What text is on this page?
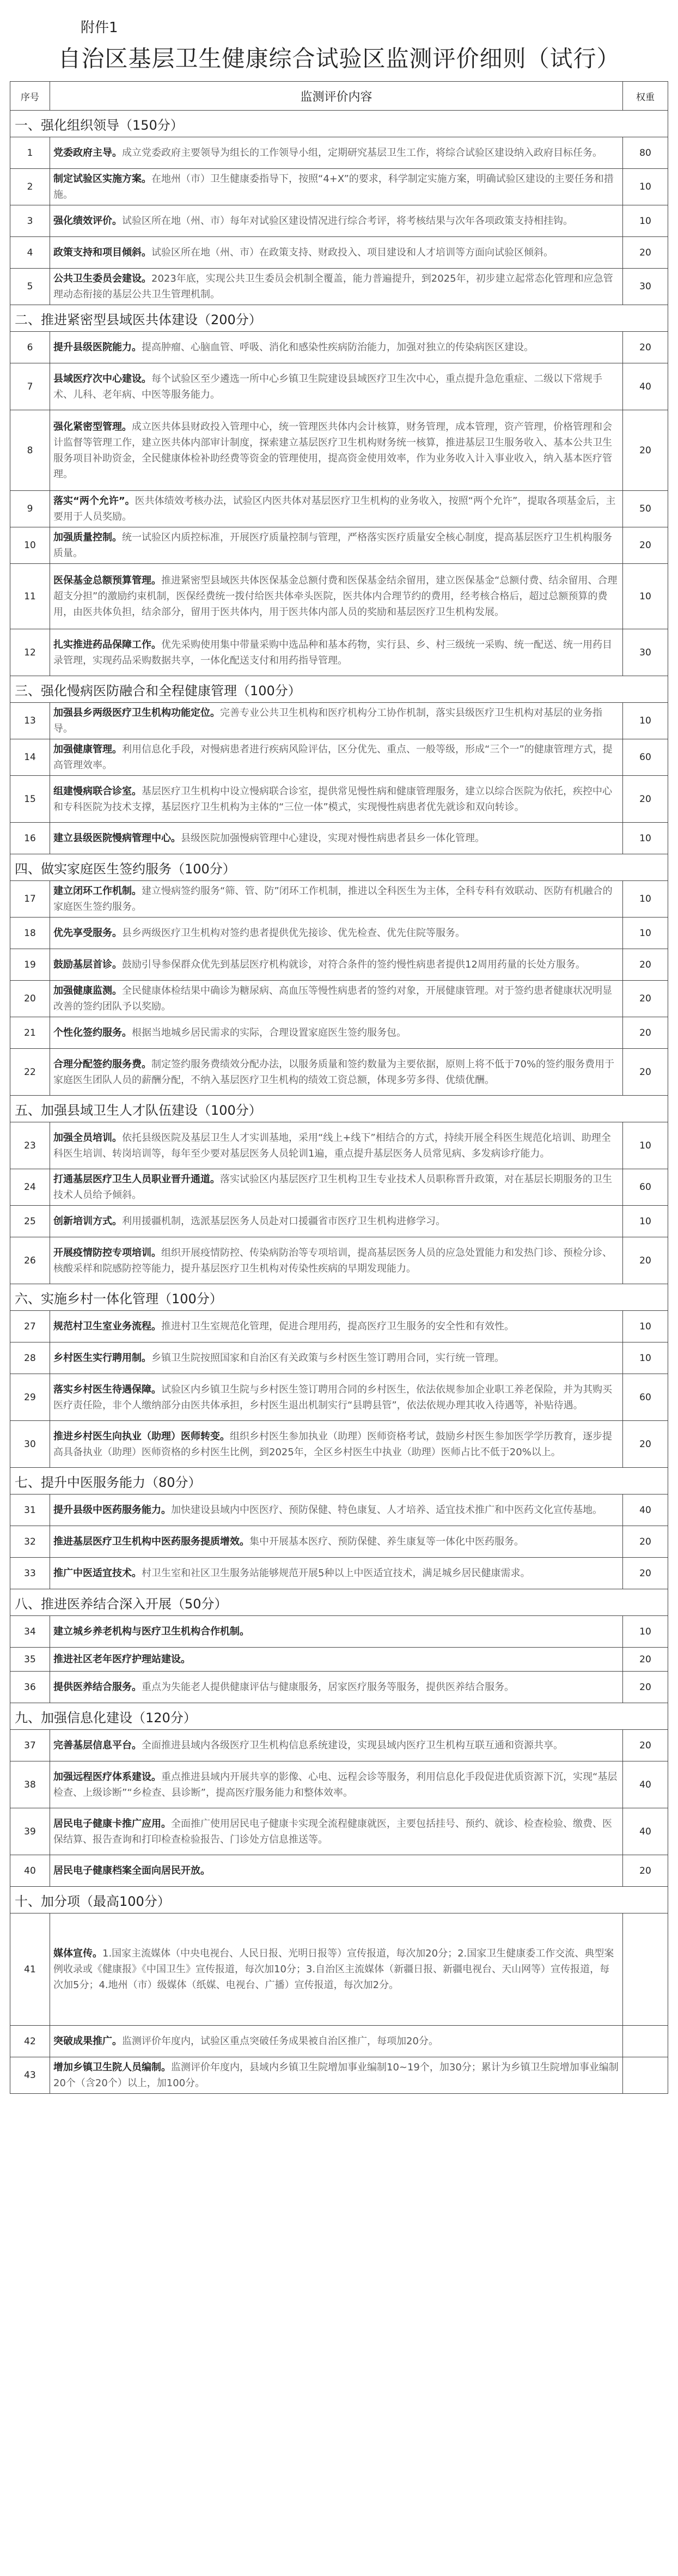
附件1
自治区基层卫生健康综合试验区监测评价细则（试行）
序号	监测评价内容	权重
一、强化组织领导（150分）		
1	党委政府主导。成立党委政府主要领导为组长的工作领导小组，定期研究基层卫生工作，将综合试验区建设纳入政府目标任务。	80
2	制定试验区实施方案。在地州（市）卫生健康委指导下，按照“4+X”的要求，科学制定实施方案，明确试验区建设的主要任务和措施。	10
3	强化绩效评价。试验区所在地（州、市）每年对试验区建设情况进行综合考评，将考核结果与次年各项政策支持相挂钩。	10
4	政策支持和项目倾斜。试验区所在地（州、市）在政策支持、财政投入、项目建设和人才培训等方面向试验区倾斜。	20
5	公共卫生委员会建设。2023年底，实现公共卫生委员会机制全覆盖，能力普遍提升，到2025年，初步建立起常态化管理和应急管理动态衔接的基层公共卫生管理机制。	30
二、推进紧密型县域医共体建设（200分）		
6	提升县级医院能力。提高肿瘤、心脑血管、呼吸、消化和感染性疾病防治能力，加强对独立的传染病医区建设。	20
7	县域医疗次中心建设。每个试验区至少遴选一所中心乡镇卫生院建设县域医疗卫生次中心，重点提升急危重症、二级以下常规手术、儿科、老年病、中医等服务能力。	40
8	强化紧密型管理。成立医共体县财政投入管理中心，统一管理医共体内会计核算，财务管理，成本管理，资产管理，价格管理和会计监督等管理工作，建立医共体内部审计制度，探索建立基层医疗卫生机构财务统一核算，推进基层卫生服务收入、基本公共卫生服务项目补助资金，全民健康体检补助经费等资金的管理使用，提高资金使用效率，作为业务收入计入事业收入，纳入基本医疗管理。	20
9	落实“两个允许”。医共体绩效考核办法，试验区内医共体对基层医疗卫生机构的业务收入，按照“两个允许”，提取各项基金后，主要用于人员奖励。	50
10	加强质量控制。统一试验区内质控标准，开展医疗质量控制与管理，严格落实医疗质量安全核心制度，提高基层医疗卫生机构服务质量。	20
11	医保基金总额预算管理。推进紧密型县域医共体医保基金总额付费和医保基金结余留用，建立医保基金“总额付费、结余留用、合理超支分担”的激励约束机制，医保经费统一拨付给医共体牵头医院，医共体内合理节约的费用，经考核合格后，超过总额预算的费用，由医共体负担，结余部分，留用于医共体内，用于医共体内部人员的奖励和基层医疗卫生机构发展。	10
12	扎实推进药品保障工作。优先采购使用集中带量采购中选品种和基本药物，实行县、乡、村三级统一采购、统一配送、统一用药目录管理，实现药品采购数据共享，一体化配送支付和用药指导管理。	30
三、强化慢病医防融合和全程健康管理（100分）		
13	加强县乡两级医疗卫生机构功能定位。完善专业公共卫生机构和医疗机构分工协作机制，落实县级医疗卫生机构对基层的业务指导。	10
14	加强健康管理。利用信息化手段，对慢病患者进行疾病风险评估，区分优先、重点、一般等级，形成“三个一”的健康管理方式，提高管理效率。	60
15	组建慢病联合诊室。基层医疗卫生机构中设立慢病联合诊室，提供常见慢性病和健康管理服务，建立以综合医院为依托，疾控中心和专科医院为技术支撑，基层医疗卫生机构为主体的“三位一体”模式，实现慢性病患者优先就诊和双向转诊。	20
16	建立县级医院慢病管理中心。县级医院加强慢病管理中心建设，实现对慢性病患者县乡一体化管理。	10
四、做实家庭医生签约服务（100分）		
17	建立闭环工作机制。建立慢病签约服务“筛、管、防”闭环工作机制，推进以全科医生为主体，全科专科有效联动、医防有机融合的家庭医生签约服务。	10
18	优先享受服务。县乡两级医疗卫生机构对签约患者提供优先接诊、优先检查、优先住院等服务。	10
19	鼓励基层首诊。鼓励引导参保群众优先到基层医疗机构就诊，对符合条件的签约慢性病患者提供12周用药量的长处方服务。	20
20	加强健康监测。全民健康体检结果中确诊为糖尿病、高血压等慢性病患者的签约对象，开展健康管理。对于签约患者健康状况明显改善的签约团队予以奖励。	20
21	个性化签约服务。根据当地城乡居民需求的实际，合理设置家庭医生签约服务包。	20
22	合理分配签约服务费。制定签约服务费绩效分配办法，以服务质量和签约数量为主要依据，原则上将不低于70%的签约服务费用于家庭医生团队人员的薪酬分配，不纳入基层医疗卫生机构的绩效工资总额，体现多劳多得、优绩优酬。	20
五、加强县域卫生人才队伍建设（100分）		
23	加强全员培训。依托县级医院及基层卫生人才实训基地，采用“线上+线下”相结合的方式，持续开展全科医生规范化培训、助理全科医生培训、转岗培训等，每年至少要对基层医务人员轮训1遍，重点提升基层医务人员常见病、多发病诊疗能力。	10
24	打通基层医疗卫生人员职业晋升通道。落实试验区内基层医疗卫生机构卫生专业技术人员职称晋升政策，对在基层长期服务的卫生技术人员给予倾斜。	60
25	创新培训方式。利用援疆机制，选派基层医务人员赴对口援疆省市医疗卫生机构进修学习。	10
26	开展疫情防控专项培训。组织开展疫情防控、传染病防治等专项培训，提高基层医务人员的应急处置能力和发热门诊、预检分诊、核酸采样和院感防控等能力，提升基层医疗卫生机构对传染性疾病的早期发现能力。	20
六、实施乡村一体化管理（100分）		
27	规范村卫生室业务流程。推进村卫生室规范化管理，促进合理用药，提高医疗卫生服务的安全性和有效性。	10
28	乡村医生实行聘用制。乡镇卫生院按照国家和自治区有关政策与乡村医生签订聘用合同，实行统一管理。	10
29	落实乡村医生待遇保障。试验区内乡镇卫生院与乡村医生签订聘用合同的乡村医生，依法依规参加企业职工养老保险，并为其购买医疗责任险，非个人缴纳部分由医共体承担，乡村医生退出机制实行“县聘县管”，依法依规办理其收入待遇等，补贴待遇。	60
30	推进乡村医生向执业（助理）医师转变。组织乡村医生参加执业（助理）医师资格考试，鼓励乡村医生参加医学学历教育，逐步提高具备执业（助理）医师资格的乡村医生比例，到2025年，全区乡村医生中执业（助理）医师占比不低于20%以上。	20
七、提升中医服务能力（80分）		
31	提升县级中医药服务能力。加快建设县域内中医医疗、预防保健、特色康复、人才培养、适宜技术推广和中医药文化宣传基地。	40
32	推进基层医疗卫生机构中医药服务提质增效。集中开展基本医疗、预防保健、养生康复等一体化中医药服务。	20
33	推广中医适宜技术。村卫生室和社区卫生服务站能够规范开展5种以上中医适宜技术，满足城乡居民健康需求。	20
八、推进医养结合深入开展（50分）		
34	建立城乡养老机构与医疗卫生机构合作机制。	10
35	推进社区老年医疗护理站建设。	20
36	提供医养结合服务。重点为失能老人提供健康评估与健康服务，居家医疗服务等服务，提供医养结合服务。	20
九、加强信息化建设（120分）		
37	完善基层信息平台。全面推进县域内各级医疗卫生机构信息系统建设，实现县域内医疗卫生机构互联互通和资源共享。	20
38	加强远程医疗体系建设。重点推进县域内开展共享的影像、心电、远程会诊等服务，利用信息化手段促进优质资源下沉，实现“基层检查、上级诊断”“乡检查、县诊断”，提高医疗服务能力和整体效率。	40
39	居民电子健康卡推广应用。全面推广使用居民电子健康卡实现全流程健康就医，主要包括挂号、预约、就诊、检查检验、缴费、医保结算、报告查询和打印检查检验报告、门诊处方信息推送等。	40
40	居民电子健康档案全面向居民开放。	20
十、加分项（最高100分）		
41	媒体宣传。1.国家主流媒体（中央电视台、人民日报、光明日报等）宣传报道，每次加20分；2.国家卫生健康委工作交流、典型案例收录或《健康报》《中国卫生》宣传报道，每次加10分；3.自治区主流媒体（新疆日报、新疆电视台、天山网等）宣传报道，每次加5分；4.地州（市）级媒体（纸媒、电视台、广播）宣传报道，每次加2分。	
42	突破成果推广。监测评价年度内，试验区重点突破任务成果被自治区推广，每项加20分。	
43	增加乡镇卫生院人员编制。监测评价年度内，县域内乡镇卫生院增加事业编制10~19个，加30分；累计为乡镇卫生院增加事业编制20个（含20个）以上，加100分。	
